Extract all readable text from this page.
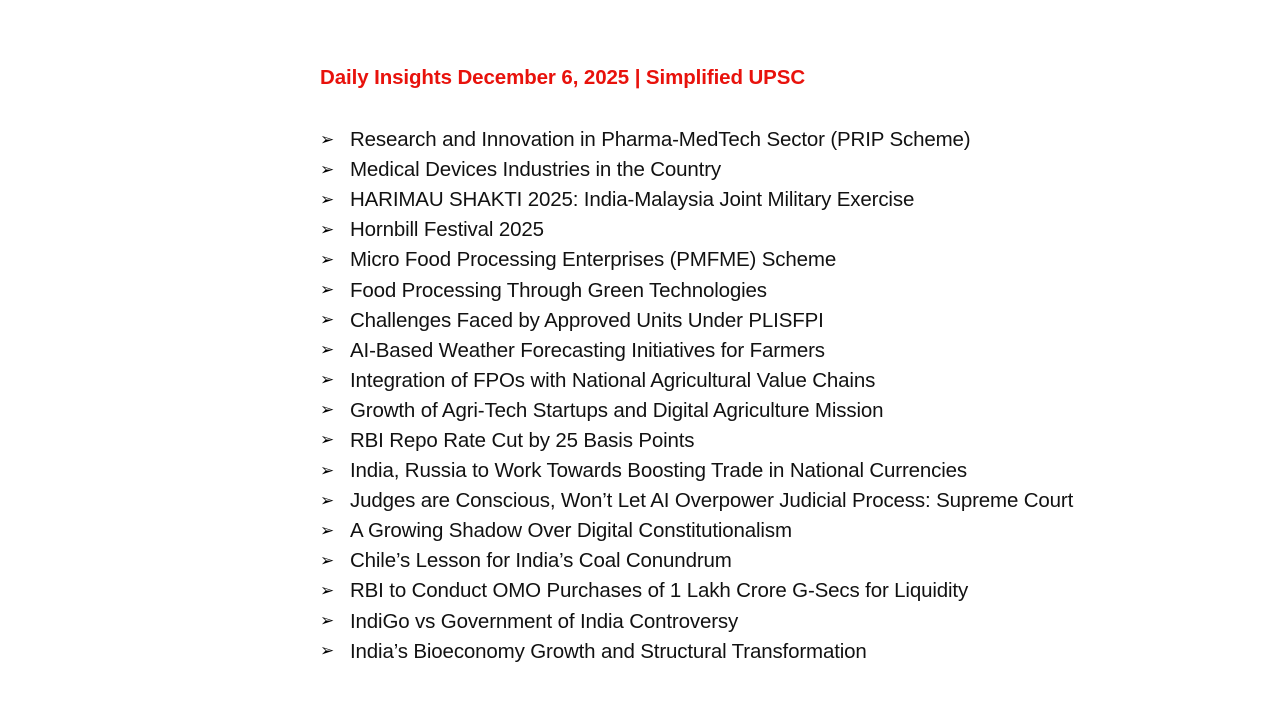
Daily Insights December 6, 2025 | Simplified UPSC
➢ Research and Innovation in Pharma-MedTech Sector (PRIP Scheme)
➢ Medical Devices Industries in the Country
➢ HARIMAU SHAKTI 2025: India-Malaysia Joint Military Exercise
➢ Hornbill Festival 2025
➢ Micro Food Processing Enterprises (PMFME) Scheme
➢ Food Processing Through Green Technologies
➢ Challenges Faced by Approved Units Under PLISFPI
➢ AI-Based Weather Forecasting Initiatives for Farmers
➢ Integration of FPOs with National Agricultural Value Chains
➢ Growth of Agri-Tech Startups and Digital Agriculture Mission
➢ RBI Repo Rate Cut by 25 Basis Points
➢ India, Russia to Work Towards Boosting Trade in National Currencies
➢ Judges are Conscious, Won’t Let AI Overpower Judicial Process: Supreme Court
➢ A Growing Shadow Over Digital Constitutionalism
➢ Chile’s Lesson for India’s Coal Conundrum
➢ RBI to Conduct OMO Purchases of 1 Lakh Crore G-Secs for Liquidity
➢ IndiGo vs Government of India Controversy
➢ India’s Bioeconomy Growth and Structural Transformation
